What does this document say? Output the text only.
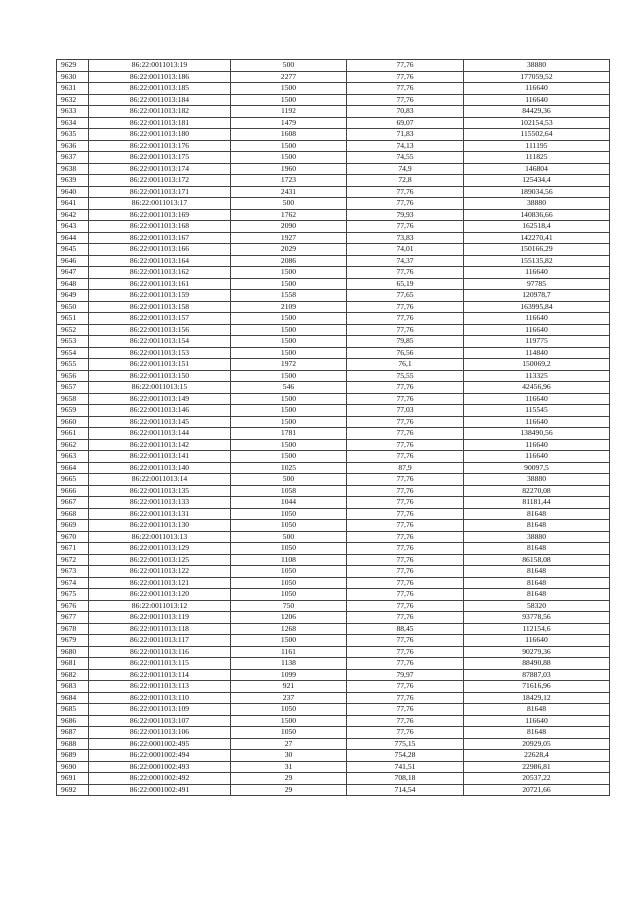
9629	86:22:0011013:19	500	77,76	38880
9630	86:22:0011013:186	2277	77,76	177059,52
9631	86:22:0011013:185	1500	77,76	116640
9632	86:22:0011013:184	1500	77,76	116640
9633	86:22:0011013:182	1192	70,83	84429,36
9634	86:22:0011013:181	1479	69,07	102154,53
9635	86:22:0011013:180	1608	71,83	115502,64
9636	86:22:0011013:176	1500	74,13	111195
9637	86:22:0011013:175	1500	74,55	111825
9638	86:22:0011013:174	1960	74,9	146804
9639	86:22:0011013:172	1723	72,8	125434,4
9640	86:22:0011013:171	2431	77,76	189034,56
9641	86:22:0011013:17	500	77,76	38880
9642	86:22:0011013:169	1762	79,93	140836,66
9643	86:22:0011013:168	2090	77,76	162518,4
9644	86:22:0011013:167	1927	73,83	142270,41
9645	86:22:0011013:166	2029	74,01	150166,29
9646	86:22:0011013:164	2086	74,37	155135,82
9647	86:22:0011013:162	1500	77,76	116640
9648	86:22:0011013:161	1500	65,19	97785
9649	86:22:0011013:159	1558	77,65	120978,7
9650	86:22:0011013:158	2109	77,76	163995,84
9651	86:22:0011013:157	1500	77,76	116640
9652	86:22:0011013:156	1500	77,76	116640
9653	86:22:0011013:154	1500	79,85	119775
9654	86:22:0011013:153	1500	76,56	114840
9655	86:22:0011013:151	1972	76,1	150069,2
9656	86:22:0011013:150	1500	75,55	113325
9657	86:22:0011013:15	546	77,76	42456,96
9658	86:22:0011013:149	1500	77,76	116640
9659	86:22:0011013:146	1500	77,03	115545
9660	86:22:0011013:145	1500	77,76	116640
9661	86:22:0011013:144	1781	77,76	138490,56
9662	86:22:0011013:142	1500	77,76	116640
9663	86:22:0011013:141	1500	77,76	116640
9664	86:22:0011013:140	1025	87,9	90097,5
9665	86:22:0011013:14	500	77,76	38880
9666	86:22:0011013:135	1058	77,76	82270,08
9667	86:22:0011013:133	1044	77,76	81181,44
9668	86:22:0011013:131	1050	77,76	81648
9669	86:22:0011013:130	1050	77,76	81648
9670	86:22:0011013:13	500	77,76	38880
9671	86:22:0011013:129	1050	77,76	81648
9672	86:22:0011013:125	1108	77,76	86158,08
9673	86:22:0011013:122	1050	77,76	81648
9674	86:22:0011013:121	1050	77,76	81648
9675	86:22:0011013:120	1050	77,76	81648
9676	86:22:0011013:12	750	77,76	58320
9677	86:22:0011013:119	1206	77,76	93778,56
9678	86:22:0011013:118	1268	88,45	112154,6
9679	86:22:0011013:117	1500	77,76	116640
9680	86:22:0011013:116	1161	77,76	90279,36
9681	86:22:0011013:115	1138	77,76	88490,88
9682	86:22:0011013:114	1099	79,97	87887,03
9683	86:22:0011013:113	921	77,76	71616,96
9684	86:22:0011013:110	237	77,76	18429,12
9685	86:22:0011013:109	1050	77,76	81648
9686	86:22:0011013:107	1500	77,76	116640
9687	86:22:0011013:106	1050	77,76	81648
9688	86:22:0001002:495	27	775,15	20929,05
9689	86:22:0001002:494	30	754,28	22628,4
9690	86:22:0001002:493	31	741,51	22986,81
9691	86:22:0001002:492	29	708,18	20537,22
9692	86:22:0001002:491	29	714,54	20721,66
